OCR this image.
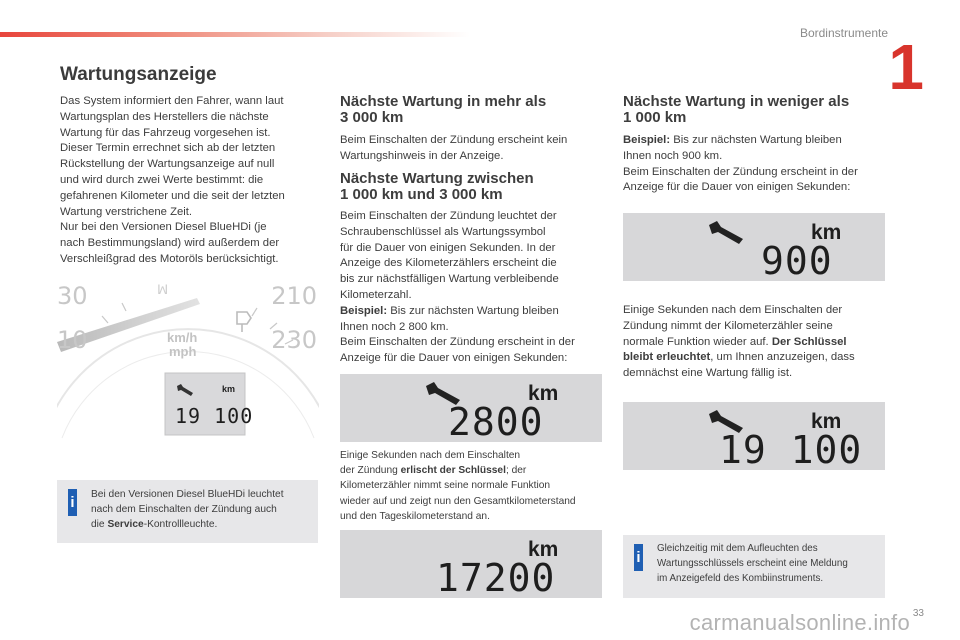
Bordinstrumente 1
Wartungsanzeige
Das System informiert den Fahrer, wann laut
Wartungsplan des Herstellers die nächste
Wartung für das Fahrzeug vorgesehen ist.
Dieser Termin errechnet sich ab der letzten
Rückstellung der Wartungsanzeige auf null
und wird durch zwei Werte bestimmt: die
gefahrenen Kilometer und die seit der letzten
Wartung verstrichene Zeit.
Nur bei den Versionen Diesel BlueHDi (je
nach Bestimmungsland) wird außerdem der
Verschleißgrad des Motoröls berücksichtigt.
ꟽ
30
10
210
230
km/h
mph
km
19 100
i Bei den Versionen Diesel BlueHDi leuchtet
nach dem Einschalten der Zündung auch
die Service-Kontrollleuchte.
Nächste Wartung in mehr als
3 000 km
Beim Einschalten der Zündung erscheint kein
Wartungshinweis in der Anzeige.
Nächste Wartung zwischen
1 000 km und 3 000 km
Beim Einschalten der Zündung leuchtet der
Schraubenschlüssel als Wartungssymbol
für die Dauer von einigen Sekunden. In der
Anzeige des Kilometerzählers erscheint die
bis zur nächstfälligen Wartung verbleibende
Kilometerzahl.
Beispiel: Bis zur nächsten Wartung bleiben
Ihnen noch 2 800 km.
Beim Einschalten der Zündung erscheint in der
Anzeige für die Dauer von einigen Sekunden:
km
2800
Einige Sekunden nach dem Einschalten
der Zündung erlischt der Schlüssel; der
Kilometerzähler nimmt seine normale Funktion
wieder auf und zeigt nun den Gesamtkilometerstand
und den Tageskilometerstand an.
km
17200
Nächste Wartung in weniger als
1 000 km
Beispiel: Bis zur nächsten Wartung bleiben
Ihnen noch 900 km.
Beim Einschalten der Zündung erscheint in der
Anzeige für die Dauer von einigen Sekunden:
km
900
Einige Sekunden nach dem Einschalten der
Zündung nimmt der Kilometerzähler seine
normale Funktion wieder auf. Der Schlüssel
bleibt erleuchtet, um Ihnen anzuzeigen, dass
demnächst eine Wartung fällig ist.
km
19 100
i
Gleichzeitig mit dem Aufleuchten des
Wartungsschlüssels erscheint eine Meldung
im Anzeigefeld des Kombiinstruments.
33
carmanualsonline.info
